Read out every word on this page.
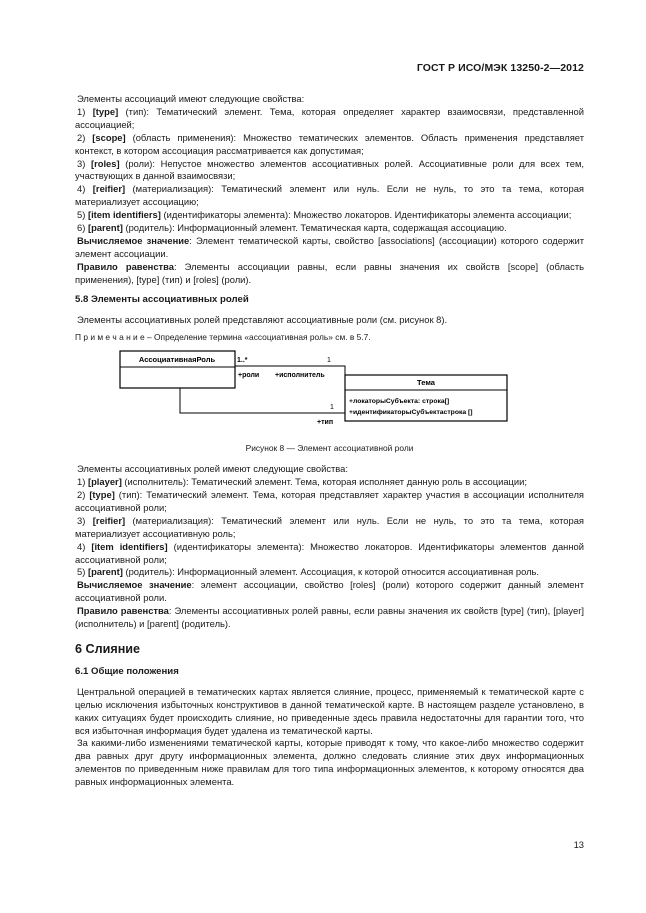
ГОСТ Р ИСО/МЭК 13250-2—2012

Элементы ассоциаций имеют следующие свойства:

1) [type] (тип): Тематический элемент. Тема, которая определяет характер взаимосвязи, представленной ассоциацией;

2) [scope] (область применения): Множество тематических элементов. Область применения представляет контекст, в котором ассоциация рассматривается как допустимая;

3) [roles] (роли): Непустое множество элементов ассоциативных ролей. Ассоциативные роли для всех тем, участвующих в данной взаимосвязи;

4) [reifier] (материализация): Тематический элемент или нуль. Если не нуль, то это та тема, которая материализует ассоциацию;

5) [item identifiers] (идентификаторы элемента): Множество локаторов. Идентификаторы элемента ассоциации;

6) [parent] (родитель): Информационный элемент. Тематическая карта, содержащая ассоциацию.

Вычисляемое значение: Элемент тематической карты, свойство [associations] (ассоциации) которого содержит элемент ассоциации.

Правило равенства: Элементы ассоциации равны, если равны значения их свойств [scope] (область применения), [type] (тип) и [roles] (роли).

5.8 Элементы ассоциативных ролей

Элементы ассоциативных ролей представляют ассоциативные роли (см. рисунок 8).

П р и м е ч а н и е – Определение термина «ассоциативная роль» см. в 5.7.

АссоциативнаяРоль
Тема
+локаторыСубъекта: строка[]
+идентификаторыСубъектастрока []
1..*	1
+роли +исполнитель
1
+тип

Рисунок 8 — Элемент ассоциативной роли

Элементы ассоциативных ролей имеют следующие свойства:

1) [player] (исполнитель): Тематический элемент. Тема, которая исполняет данную роль в ассоциации;

2) [type] (тип): Тематический элемент. Тема, которая представляет характер участия в ассоциации исполнителя ассоциативной роли;

3) [reifier] (материализация): Тематический элемент или нуль. Если не нуль, то это та тема, которая материализует ассоциативную роль;

4) [item identifiers] (идентификаторы элемента): Множество локаторов. Идентификаторы элементов данной ассоциативной роли;

5) [parent] (родитель): Информационный элемент. Ассоциация, к которой относится ассоциативная роль.

Вычисляемое значение: элемент ассоциации, свойство [roles] (роли) которого содержит данный элемент ассоциативной роли.

Правило равенства: Элементы ассоциативных ролей равны, если равны значения их свойств [type] (тип), [player] (исполнитель) и [parent] (родитель).

6 Слияние

6.1 Общие положения

Центральной операцией в тематических картах является слияние, процесс, применяемый к тематической карте с целью исключения избыточных конструктивов в данной тематической карте. В настоящем разделе установлено, в каких ситуациях будет происходить слияние, но приведенные здесь правила недостаточны для гарантии того, что вся избыточная информация будет удалена из тематической карты.

За какими-либо изменениями тематической карты, которые приводят к тому, что какое-либо множество содержит два равных друг другу информационных элемента, должно следовать слияние этих двух информационных элементов по приведенным ниже правилам для того типа информационных элементов, к которому относятся два равных информационных элемента.

13
